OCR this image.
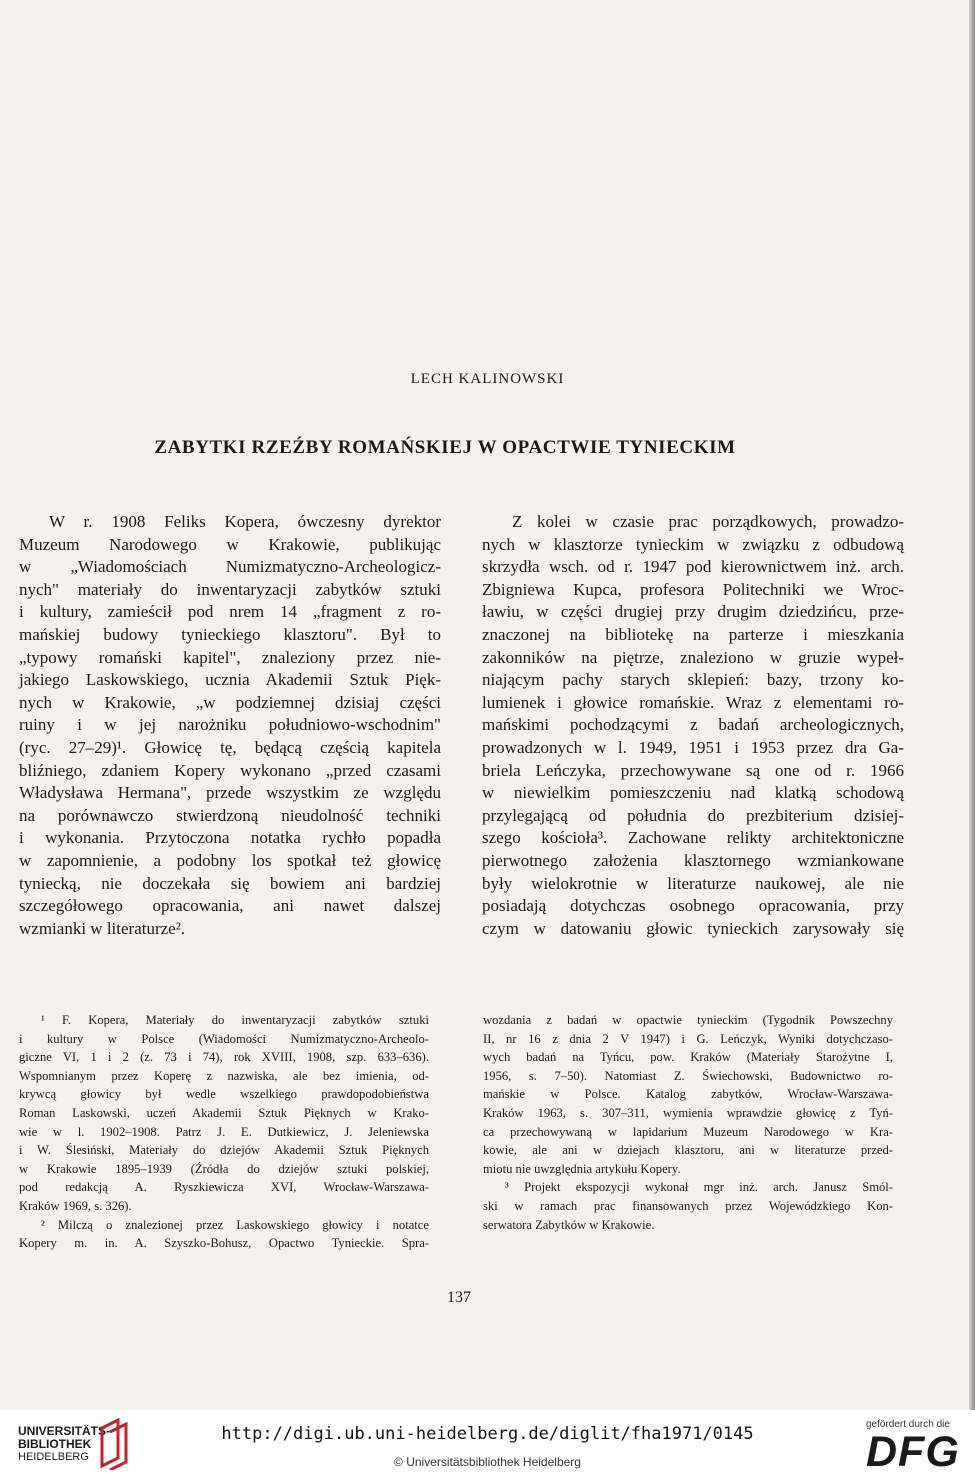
LECH KALINOWSKI
ZABYTKI RZEŹBY ROMAŃSKIEJ W OPACTWIE TYNIECKIM
W r. 1908 Feliks Kopera, ówczesny dyrektor
Muzeum Narodowego w Krakowie, publikując
w „Wiadomościach Numizmatyczno-Archeologicz-
nych" materiały do inwentaryzacji zabytków sztuki
i kultury, zamieścił pod nrem 14 „fragment z ro-
mańskiej budowy tynieckiego klasztoru". Był to
„typowy romański kapitel", znaleziony przez nie-
jakiego Laskowskiego, ucznia Akademii Sztuk Pięk-
nych w Krakowie, „w podziemnej dzisiaj części
ruiny i w jej narożniku południowo-wschodnim"
(ryc. 27–29)¹. Głowicę tę, będącą częścią kapitela
bliźniego, zdaniem Kopery wykonano „przed czasami
Władysława Hermana", przede wszystkim ze względu
na porównawczo stwierdzoną nieudolność techniki
i wykonania. Przytoczona notatka rychło popadła
w zapomnienie, a podobny los spotkał też głowicę
tyniecką, nie doczekała się bowiem ani bardziej
szczegółowego opracowania, ani nawet dalszej
wzmianki w literaturze².
Z kolei w czasie prac porządkowych, prowadzo-
nych w klasztorze tynieckim w związku z odbudową
skrzydła wsch. od r. 1947 pod kierownictwem inż. arch.
Zbigniewa Kupca, profesora Politechniki we Wroc-
ławiu, w części drugiej przy drugim dziedzińcu, prze-
znaczonej na bibliotekę na parterze i mieszkania
zakonników na piętrze, znaleziono w gruzie wypeł-
niającym pachy starych sklepień: bazy, trzony ko-
lumienek i głowice romańskie. Wraz z elementami ro-
mańskimi pochodzącymi z badań archeologicznych,
prowadzonych w l. 1949, 1951 i 1953 przez dra Ga-
briela Leńczyka, przechowywane są one od r. 1966
w niewielkim pomieszczeniu nad klatką schodową
przylegającą od południa do prezbiterium dzisiej-
szego kościoła³. Zachowane relikty architektoniczne
pierwotnego założenia klasztornego wzmiankowane
były wielokrotnie w literaturze naukowej, ale nie
posiadają dotychczas osobnego opracowania, przy
czym w datowaniu głowic tynieckich zarysowały się
¹ F. Kopera, Materiały do inwentaryzacji zabytków sztuki
i kultury w Polsce (Wiadomości Numizmatyczno-Archeolo-
giczne VI, 1 i 2 (z. 73 i 74), rok XVIII, 1908, szp. 633–636).
Wspomnianym przez Koperę z nazwiska, ale bez imienia, od-
krywcą głowicy był wedle wszelkiego prawdopodobieństwa
Roman Laskowski, uczeń Akademii Sztuk Pięknych w Krako-
wie w l. 1902–1908. Patrz J. E. Dutkiewicz, J. Jeleniewska
i W. Ślesiński, Materiały do dziejów Akademii Sztuk Pięknych
w Krakowie 1895–1939 (Źródła do dziejów sztuki polskiej,
pod redakcją A. Ryszkiewicza XVI, Wrocław-Warszawa-
Kraków 1969, s. 326).
² Milczą o znalezionej przez Laskowskiego głowicy i notatce
Kopery m. in. A. Szyszko-Bohusz, Opactwo Tynieckie. Spra-
wozdania z badań w opactwie tynieckim (Tygodnik Powszechny
II, nr 16 z dnia 2 V 1947) i G. Leńczyk, Wyniki dotychczaso-
wych badań na Tyńcu, pow. Kraków (Materiały Starożytne I,
1956, s. 7–50). Natomiast Z. Świechowski, Budownictwo ro-
mańskie w Polsce. Katalog zabytków, Wrocław-Warszawa-
Kraków 1963, s. 307–311, wymienia wprawdzie głowicę z Tyń-
ca przechowywaną w lapidarium Muzeum Narodowego w Kra-
kowie, ale ani w dziejach klasztoru, ani w literaturze przed-
miotu nie uwzględnia artykułu Kopery.
³ Projekt ekspozycji wykonał mgr inż. arch. Janusz Smól-
ski w ramach prac finansowanych przez Wojewódzkiego Kon-
serwatora Zabytków w Krakowie.
137
UNIVERSITÄTS-
BIBLIOTHEK
HEIDELBERG
http://digi.ub.uni-heidelberg.de/diglit/fha1971/0145
© Universitätsbibliothek Heidelberg
gefördert durch die
DFG
